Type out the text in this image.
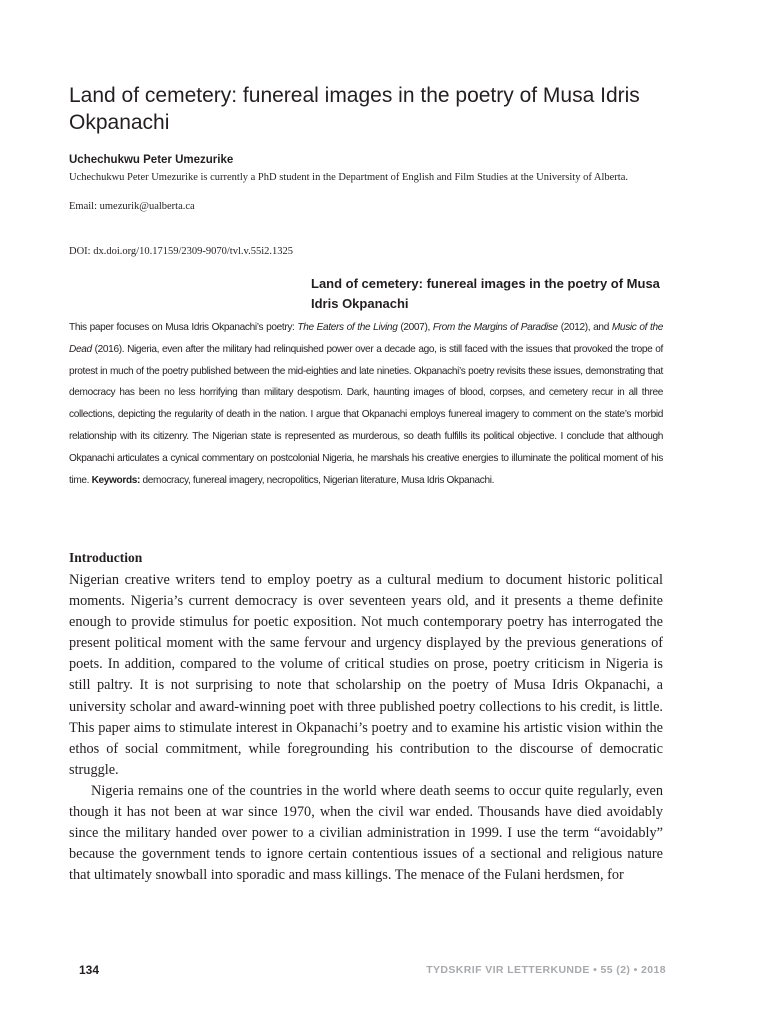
Land of cemetery: funereal images in the poetry of Musa Idris Okpanachi
Uchechukwu Peter Umezurike
Uchechukwu Peter Umezurike is currently a PhD student in the Department of English and Film Studies at the University of Alberta.
Email: umezurik@ualberta.ca
DOI: dx.doi.org/10.17159/2309-9070/tvl.v.55i2.1325
Land of cemetery: funereal images in the poetry of Musa Idris Okpanachi

This paper focuses on Musa Idris Okpanachi’s poetry: The Eaters of the Living (2007), From the Margins of Paradise (2012), and Music of the Dead (2016). Nigeria, even after the military had relinquished power over a decade ago, is still faced with the issues that provoked the trope of protest in much of the poetry published between the mid-eighties and late nineties. Okpanachi’s poetry revisits these issues, demonstrating that democracy has been no less horrifying than military despotism. Dark, haunting images of blood, corpses, and cemetery recur in all three collections, depicting the regularity of death in the nation. I argue that Okpanachi employs funereal imagery to comment on the state’s morbid relationship with its citizenry. The Nigerian state is represented as murderous, so death fulfills its political objective. I conclude that although Okpanachi articulates a cynical commentary on postcolonial Nigeria, he marshals his creative energies to illuminate the political moment of his time. Keywords: democracy, funereal imagery, necropolitics, Nigerian literature, Musa Idris Okpanachi.

Introduction

Nigerian creative writers tend to employ poetry as a cultural medium to document historic political moments. Nigeria’s current democracy is over seventeen years old, and it presents a theme definite enough to provide stimulus for poetic exposition. Not much contemporary poetry has interrogated the present political moment with the same fervour and urgency displayed by the previous generations of poets. In addition, compared to the volume of critical studies on prose, poetry criticism in Nigeria is still paltry. It is not surprising to note that scholarship on the poetry of Musa Idris Okpanachi, a university scholar and award-winning poet with three published poetry collections to his credit, is little. This paper aims to stimulate interest in Okpanachi’s poetry and to examine his artistic vision within the ethos of social commitment, while foregrounding his contribution to the discourse of democratic struggle.

Nigeria remains one of the countries in the world where death seems to occur quite regularly, even though it has not been at war since 1970, when the civil war ended. Thousands have died avoidably since the military handed over power to a civilian administration in 1999. I use the term “avoidably” because the government tends to ignore certain contentious issues of a sectional and religious nature that ultimately snowball into sporadic and mass killings. The menace of the Fulani herdsmen, for

134	TYDSKRIF VIR LETTERKUNDE • 55 (2) • 2018
